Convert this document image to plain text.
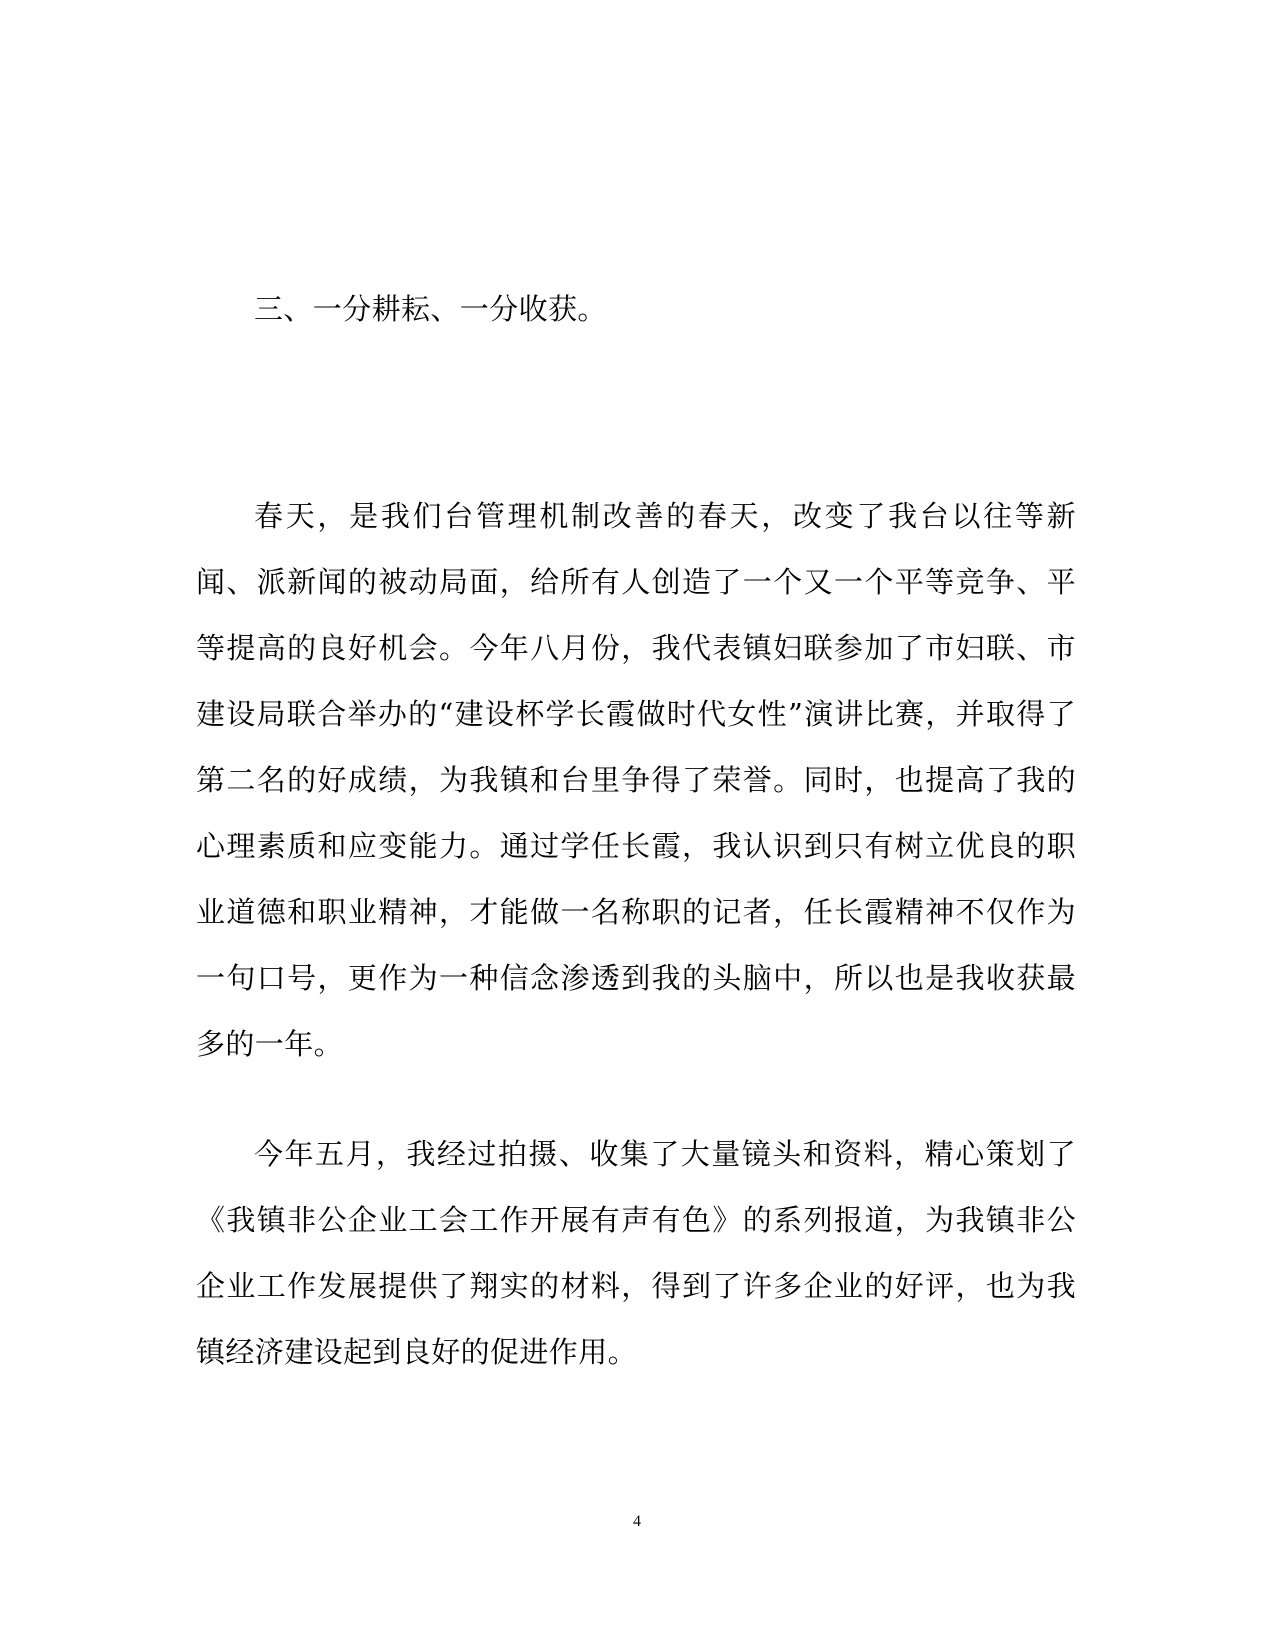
三、一分耕耘、一分收获。

春天，是我们台管理机制改善的春天，改变了我台以往等新闻、派新闻的被动局面，给所有人创造了一个又一个平等竞争、平等提高的良好机会。今年八月份，我代表镇妇联参加了市妇联、市建设局联合举办的“建设杯学长霞做时代女性”演讲比赛，并取得了第二名的好成绩，为我镇和台里争得了荣誉。同时，也提高了我的心理素质和应变能力。通过学任长霞，我认识到只有树立优良的职业道德和职业精神，才能做一名称职的记者，任长霞精神不仅作为一句口号，更作为一种信念渗透到我的头脑中，所以也是我收获最多的一年。

今年五月，我经过拍摄、收集了大量镜头和资料，精心策划了《我镇非公企业工会工作开展有声有色》的系列报道，为我镇非公企业工作发展提供了翔实的材料，得到了许多企业的好评，也为我镇经济建设起到良好的促进作用。

4
